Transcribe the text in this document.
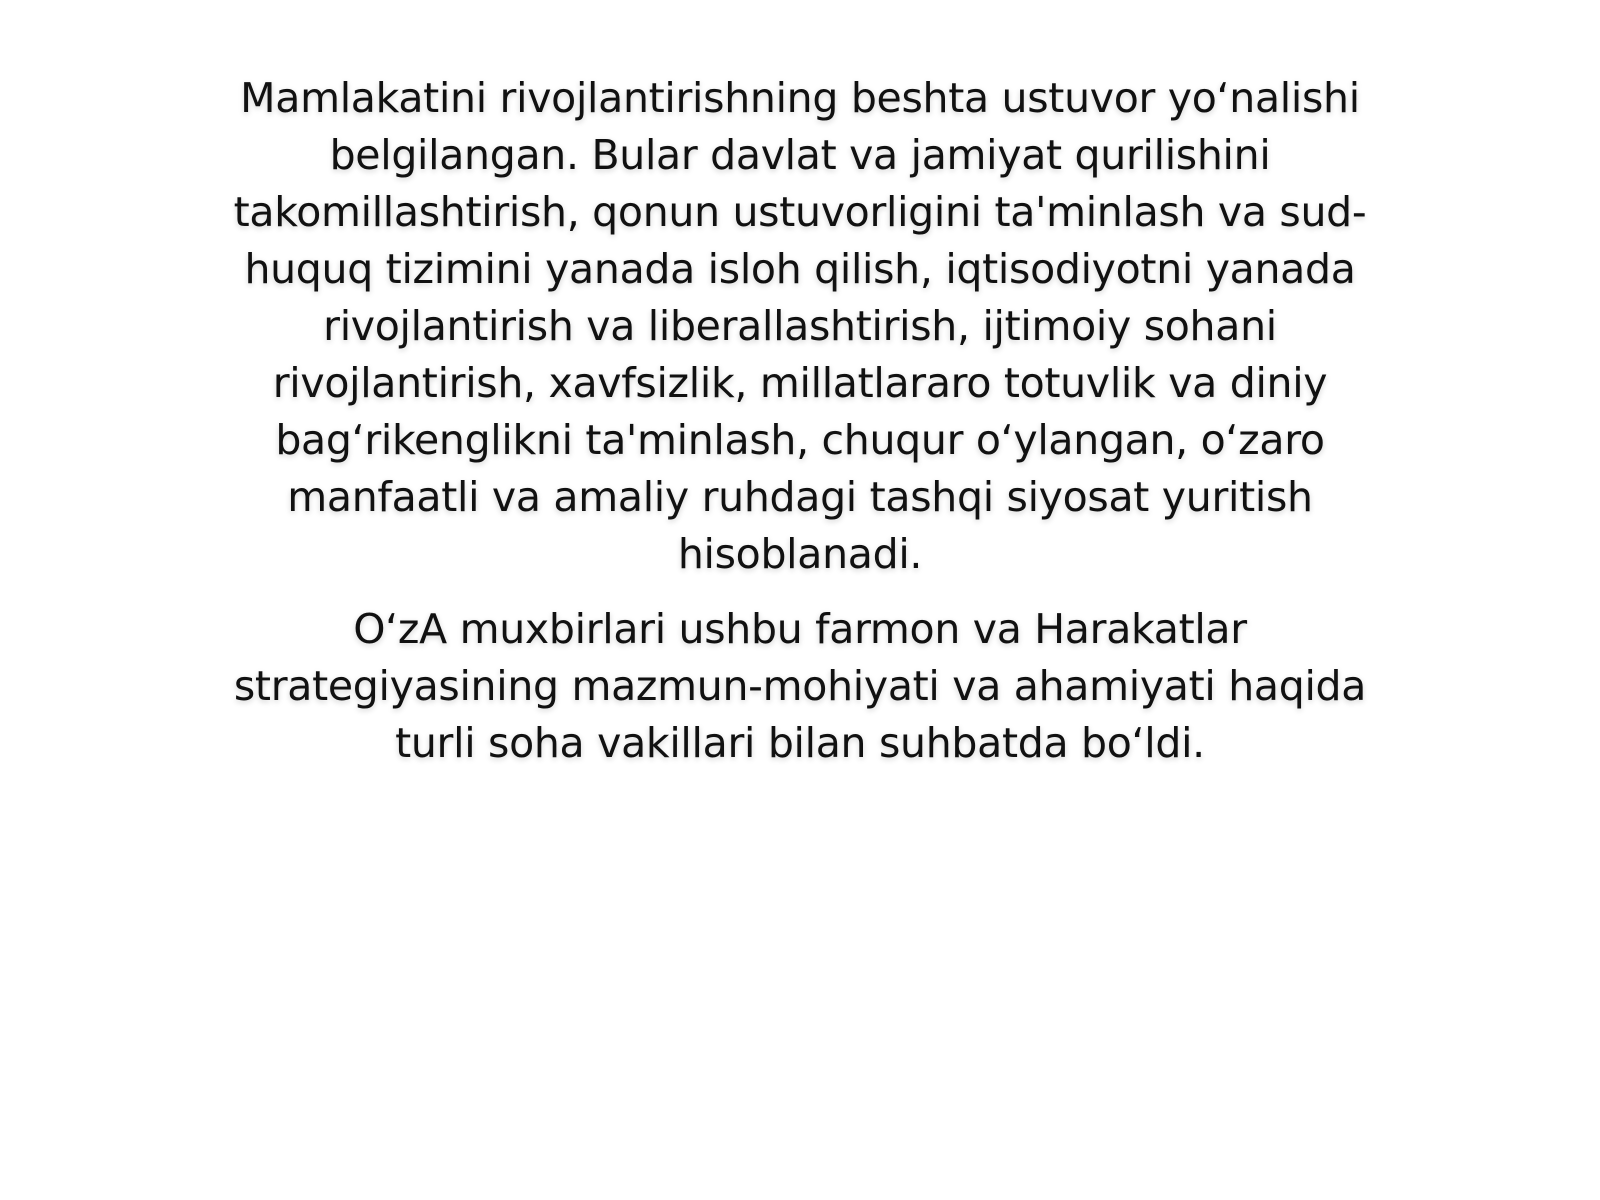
Mamlakatini rivojlantirishning beshta ustuvor yo‘nalishi belgilangan. Bular davlat va jamiyat qurilishini takomillashtirish, qonun ustuvorligini ta'minlash va sud-huquq tizimini yanada isloh qilish, iqtisodiyotni yanada rivojlantirish va liberallashtirish, ijtimoiy sohani rivojlantirish, xavfsizlik, millatlararo totuvlik va diniy bag‘rikenglikni ta'minlash, chuqur o‘ylangan, o‘zaro manfaatli va amaliy ruhdagi tashqi siyosat yuritish hisoblanadi.

O‘zA muxbirlari ushbu farmon va Harakatlar strategiyasining mazmun-mohiyati va ahamiyati haqida turli soha vakillari bilan suhbatda bo‘ldi.
